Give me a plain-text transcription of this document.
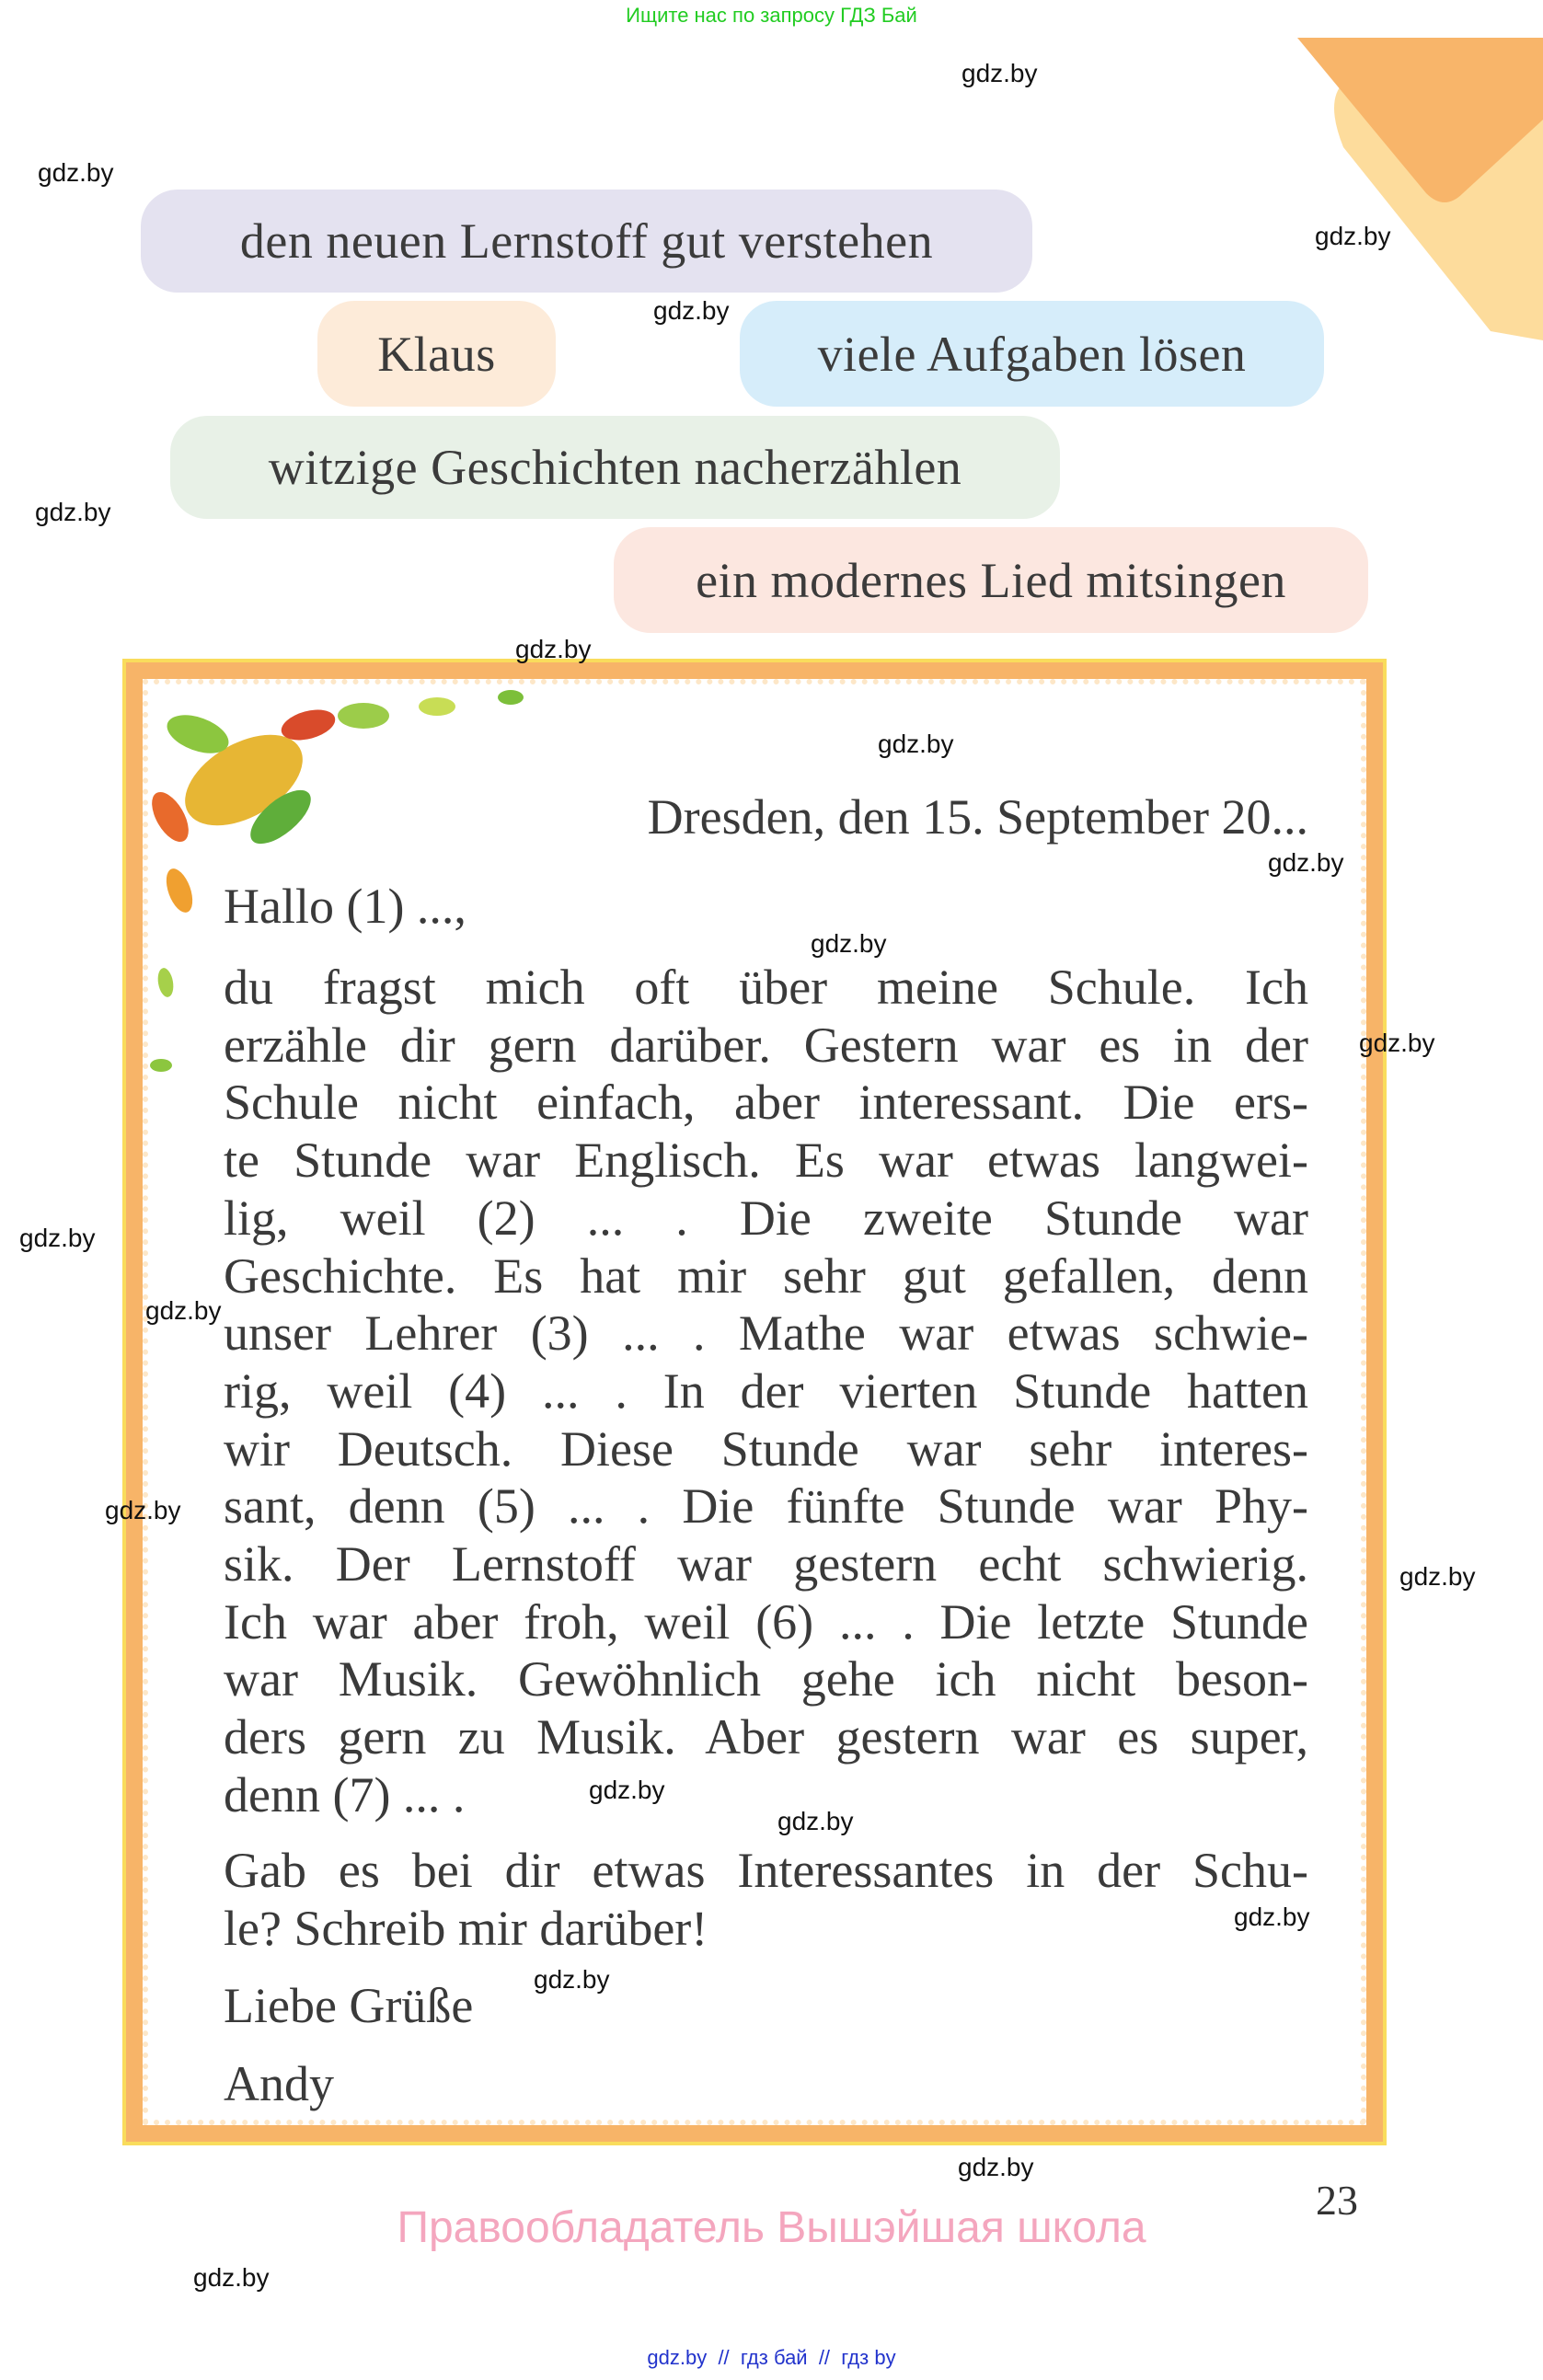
Ищите нас по запросу ГДЗ Бай
den neuen Lernstoff gut verstehen
Klaus	viele Aufgaben lösen
witzige Geschichten nacherzählen
ein modernes Lied mitsingen
Dresden, den 15. September 20...
Hallo (1) ...,
du fragst mich oft über meine Schule. Ich
erzähle dir gern darüber. Gestern war es in der
Schule nicht einfach, aber interessant. Die ers-
te Stunde war Englisch. Es war etwas langwei-
lig, weil (2) ... . Die zweite Stunde war
Geschichte. Es hat mir sehr gut gefallen, denn
unser Lehrer (3) ... . Mathe war etwas schwie-
rig, weil (4) ... . In der vierten Stunde hatten
wir Deutsch. Diese Stunde war sehr interes-
sant, denn (5) ... . Die fünfte Stunde war Phy-
sik. Der Lernstoff war gestern echt schwierig.
Ich war aber froh, weil (6) ... . Die letzte Stunde
war Musik. Gewöhnlich gehe ich nicht beson-
ders gern zu Musik. Aber gestern war es super,
denn (7) ... .
Gab es bei dir etwas Interessantes in der Schu-
le? Schreib mir darüber!
Liebe Grüße
Andy
23
Правообладатель Вышэйшая школа
gdz.by  //  гдз бай  //  гдз by
gdz.by
gdz.by
gdz.by
gdz.by
gdz.by
gdz.by
gdz.by
gdz.by
gdz.by
gdz.by
gdz.by
gdz.by
gdz.by
gdz.by
gdz.by
gdz.by
gdz.by
gdz.by
gdz.by
gdz.by
